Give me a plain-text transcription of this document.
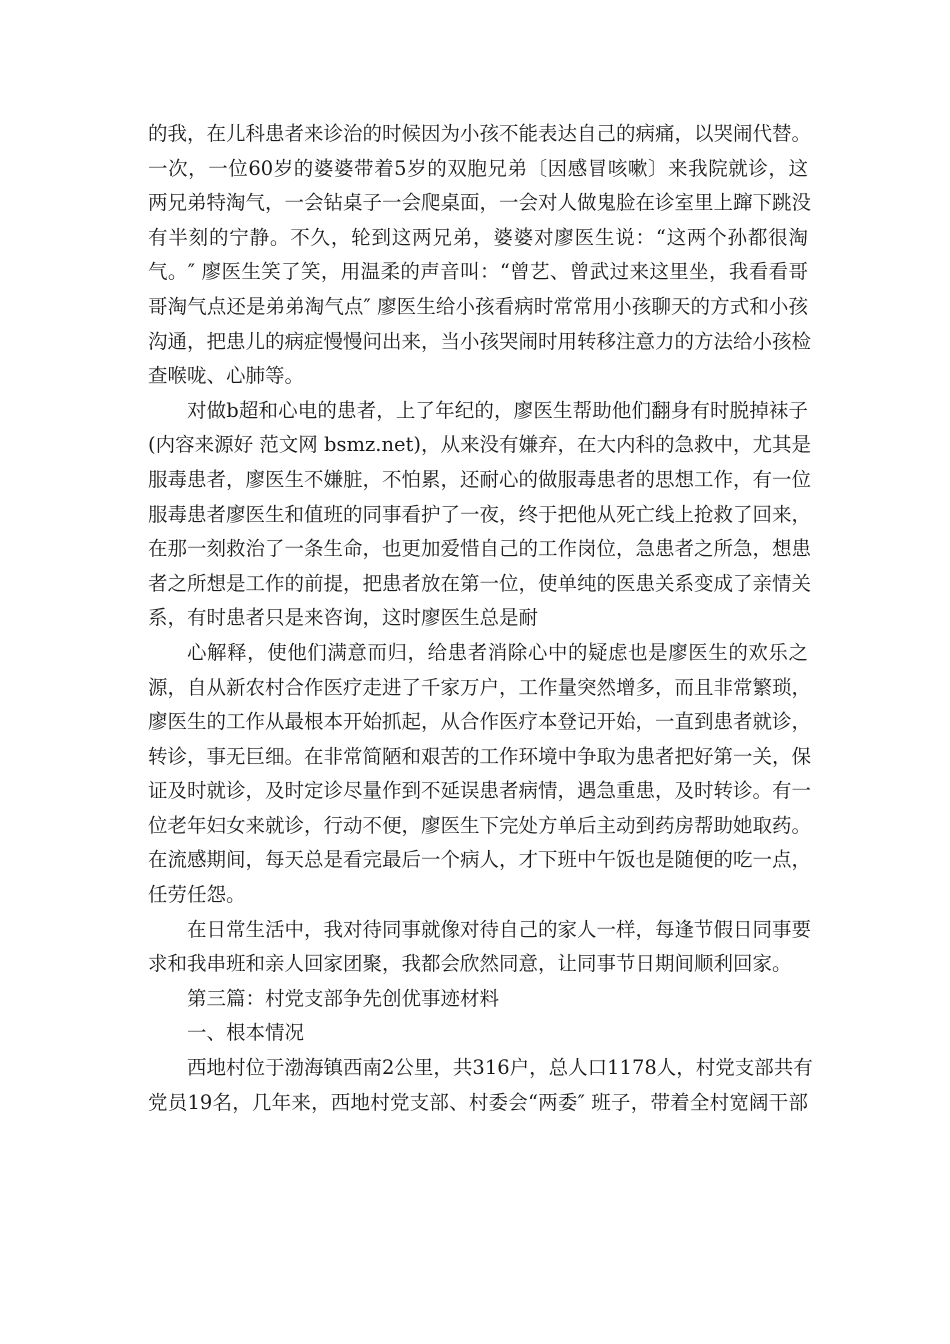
的我，在儿科患者来诊治的时候因为小孩不能表达自己的病痛，以哭闹代替。
一次，一位60岁的婆婆带着5岁的双胞兄弟〔因感冒咳嗽〕来我院就诊，这
两兄弟特淘气，一会钻桌子一会爬桌面，一会对人做鬼脸在诊室里上蹿下跳没
有半刻的宁静。不久，轮到这两兄弟，婆婆对廖医生说：“这两个孙都很淘
气。″ 廖医生笑了笑，用温柔的声音叫：“曾艺、曾武过来这里坐，我看看哥
哥淘气点还是弟弟淘气点″ 廖医生给小孩看病时常常用小孩聊天的方式和小孩
沟通，把患儿的病症慢慢问出来，当小孩哭闹时用转移注意力的方法给小孩检
查喉咙、心肺等。
对做b超和心电的患者，上了年纪的，廖医生帮助他们翻身有时脱掉袜子
(内容来源好 范文网 bsmz.net)，从来没有嫌弃，在大内科的急救中，尤其是
服毒患者，廖医生不嫌脏，不怕累，还耐心的做服毒患者的思想工作，有一位
服毒患者廖医生和值班的同事看护了一夜，终于把他从死亡线上抢救了回来，
在那一刻救治了一条生命，也更加爱惜自己的工作岗位，急患者之所急，想患
者之所想是工作的前提，把患者放在第一位，使单纯的医患关系变成了亲情关
系，有时患者只是来咨询，这时廖医生总是耐
心解释，使他们满意而归，给患者消除心中的疑虑也是廖医生的欢乐之
源，自从新农村合作医疗走进了千家万户，工作量突然增多，而且非常繁琐，
廖医生的工作从最根本开始抓起，从合作医疗本登记开始，一直到患者就诊，
转诊，事无巨细。在非常简陋和艰苦的工作环境中争取为患者把好第一关，保
证及时就诊，及时定诊尽量作到不延误患者病情，遇急重患，及时转诊。有一
位老年妇女来就诊，行动不便，廖医生下完处方单后主动到药房帮助她取药。
在流感期间，每天总是看完最后一个病人，才下班中午饭也是随便的吃一点，
任劳任怨。
在日常生活中，我对待同事就像对待自己的家人一样，每逢节假日同事要
求和我串班和亲人回家团聚，我都会欣然同意，让同事节日期间顺利回家。
第三篇：村党支部争先创优事迹材料
一、根本情况
西地村位于渤海镇西南2公里，共316户，总人口1178人，村党支部共有
党员19名，几年来，西地村党支部、村委会“两委″ 班子，带着全村宽阔干部
